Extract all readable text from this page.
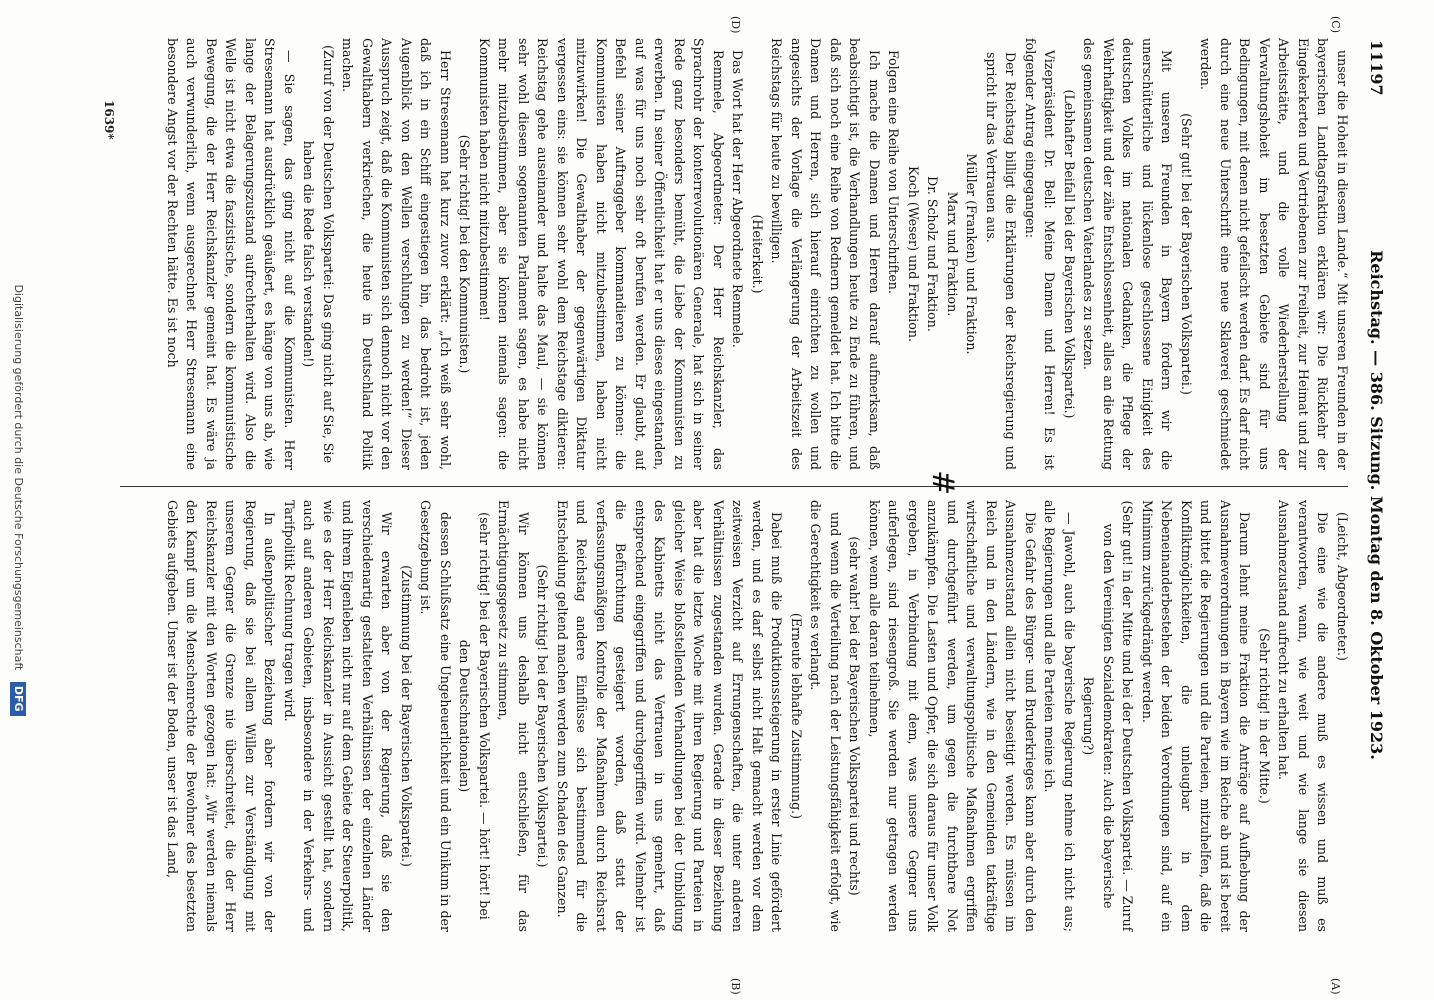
11197
Reichstag. — 386. Sitzung. Montag den 8. Oktober 1923.
(C)
(D)
(A)
(B)

unser die Hoheit in diesem Lande.“ Mit unseren Freunden in der bayerischen Landtagsfraktion erklären wir: Die Rückkehr der Eingekerkerten und Vertriebenen zur Freiheit, zur Heimat und zur Arbeitsstätte, und die volle Wiederherstellung der Verwaltungshoheit im besetzten Gebiete sind für uns Bedingungen, mit denen nicht gefeilscht werden darf. Es darf nicht durch eine neue Unterschrift eine neue Sklaverei geschmiedet werden.

(Sehr gut! bei der Bayerischen Volkspartei.)

Mit unseren Freunden in Bayern fordern wir die unerschütterliche und lückenlose geschlossene Einigkeit des deutschen Volkes im nationalen Gedanken, die Pflege der Wehrhaftigkeit und der zähe Entschlossenheit, alles an die Rettung des gemeinsamen deutschen Vaterlandes zu setzen.

(Lebhafter Beifall bei der Bayerischen Volkspartei.)

Vizepräsident Dr. Bell: Meine Damen und Herren! Es ist folgender Antrag eingegangen:

Der Reichstag billigt die Erklärungen der Reichsregierung und spricht ihr das Vertrauen aus.

Müller (Franken) und Fraktion.

Marx und Fraktion.

Dr. Scholz und Fraktion.

Koch (Weser) und Fraktion.

Folgen eine Reihe von Unterschriften.

Ich mache die Damen und Herren darauf aufmerksam, daß beabsichtigt ist, die Verhandlungen heute zu Ende zu führen, und daß sich noch eine Reihe von Rednern gemeldet hat. Ich bitte die Damen und Herren, sich hierauf einrichten zu wollen und angesichts der Vorlage die Verlängerung der Arbeitszeit des Reichstags für heute zu bewilligen.

(Heiterkeit.)

Das Wort hat der Herr Abgeordnete Remmele.

Remmele, Abgeordneter: Der Herr Reichskanzler, das Sprachrohr der konterrevolutionären Generale, hat sich in seiner Rede ganz besonders bemüht, die Liebe der Kommunisten zu erwerben. In seiner Öffentlichkeit hat er uns dieses eingestanden, auf was für uns noch sehr oft berufen werden. Er glaubt, auf Befehl seiner Auftraggeber kommandieren zu können: die Kommunisten haben nicht mitzubestimmen, haben nicht mitzuwirken! Die Gewalthaber der gegenwärtigen Diktatur vergessen eins: sie können sehr wohl dem Reichstage diktieren: Reichstag gehe auseinander und halte das Maul, — sie können sehr wohl diesem sogenannten Parlament sagen, es habe nicht mehr mitzubestimmen, aber sie können niemals sagen: die Kommunisten haben nicht mitzubestimmen!

(Sehr richtig! bei den Kommunisten.)

Herr Stresemann hat kurz zuvor erklärt: „Ich weiß sehr wohl, daß ich in ein Schiff eingestiegen bin, das bedroht ist, jeden Augenblick von den Wellen verschlungen zu werden!“ Dieser Ausspruch zeigt, daß die Kommunisten sich dennoch nicht vor den Gewalthabern verkriechen, die heute in Deutschland Politik machen.

(Zuruf von der Deutschen Volkspartei: Das ging nicht auf Sie, Sie haben die Rede falsch verstanden!)

— Sie sagen, das ging nicht auf die Kommunisten. Herr Stresemann hat ausdrücklich geäußert, es hänge von uns ab, wie lange der Belagerungszustand aufrechterhalten wird. Also die Welle ist nicht etwa die faszistische, sondern die kommunistische Bewegung, die der Herr Reichskanzler gemeint hat. Es wäre ja auch verwunderlich, wenn ausgerechnet Herr Stresemann eine besondere Angst vor der Rechten hätte. Es ist noch

(Leicht, Abgeordneter.)

Die eine wie die andere muß es wissen und muß es verantworten, wann, wie weit und wie lange sie diesen Ausnahmezustand aufrecht zu erhalten hat.

(Sehr richtig! in der Mitte.)

Darum lehnt meine Fraktion die Anträge auf Aufhebung der Ausnahmeverordnungen in Bayern wie im Reiche ab und ist bereit und bittet die Regierungen und die Parteien, mitzuhelfen, daß die Konfliktmöglichkeiten, die unleugbar in dem Nebeneinanderbestehen der beiden Verordnungen sind, auf ein Minimum zurückgedrängt werden.

(Sehr gut! in der Mitte und bei der Deutschen Volkspartei. — Zuruf von den Vereinigten Sozialdemokraten: Auch die bayerische Regierung?)

— Jawohl, auch die bayerische Regierung nehme ich nicht aus; alle Regierungen und alle Parteien meine ich.

Die Gefahr des Bürger- und Bruderkrieges kann aber durch den Ausnahmezustand allein nicht beseitigt werden. Es müssen im Reich und in den Ländern, wie in den Gemeinden tatkräftige wirtschaftliche und verwaltungspolitische Maßnahmen ergriffen und durchgeführt werden, um gegen die furchtbare Not anzukämpfen. Die Lasten und Opfer, die sich daraus für unser Volk ergeben, in Verbindung mit dem, was unsere Gegner uns auferlegen, sind riesengroß. Sie werden nur getragen werden können, wenn alle daran teilnehmen,

(sehr wahr! bei der Bayerischen Volkspartei und rechts)

und wenn die Verteilung nach der Leistungsfähigkeit erfolgt, wie die Gerechtigkeit es verlangt.

(Erneute lebhafte Zustimmung.)

Dabei muß die Produktionssteigerung in erster Linie gefördert werden, und es darf selbst nicht Halt gemacht werden vor dem zeitweisen Verzicht auf Errungenschaften, die unter anderen Verhältnissen zugestanden wurden. Gerade in dieser Beziehung aber hat die letzte Woche mit ihren Regierung und Parteien in gleicher Weise bloßstellenden Verhandlungen bei der Umbildung des Kabinetts nicht das Vertrauen in uns gemehrt, daß entsprechend eingegriffen und durchgegriffen wird. Vielmehr ist die Befürchtung gesteigert worden, daß statt der verfassungsmäßigen Kontrolle der Maßnahmen durch Reichsrat und Reichstag andere Einflüsse sich bestimmend für die Entscheidung geltend machen werden zum Schaden des Ganzen.

(Sehr richtig! bei der Bayerischen Volkspartei.)

Wir können uns deshalb nicht entschließen, für das Ermächtigungsgesetz zu stimmen,

(sehr richtig! bei der Bayerischen Volkspartei. — hört! hört! bei den Deutschnationalen)

dessen Schlußsatz eine Ungeheuerlichkeit und ein Unikum in der Gesetzgebung ist.

(Zustimmung bei der Bayerischen Volkspartei.)

Wir erwarten aber von der Regierung, daß sie den verschiedenartig gestalteten Verhältnissen der einzelnen Länder und ihrem Eigenleben nicht nur auf dem Gebiete der Steuerpolitik, wie es der Herr Reichskanzler in Aussicht gestellt hat, sondern auch auf anderen Gebieten, insbesondere in der Verkehrs- und Tarifpolitik Rechnung tragen wird.

In außenpolitischer Beziehung aber fordern wir von der Regierung, daß sie bei allem Willen zur Verständigung mit unserem Gegner die Grenze nie überschreitet, die der Herr Reichskanzler mit den Worten gezogen hat: „Wir werden niemals den Kampf um die Menschenrechte der Bewohner des besetzten Gebiets aufgeben. Unser ist der Boden, unser ist das Land,

#
1639*
Digitalisierung gefördert durch die Deutsche Forschungsgemeinschaft DFG
